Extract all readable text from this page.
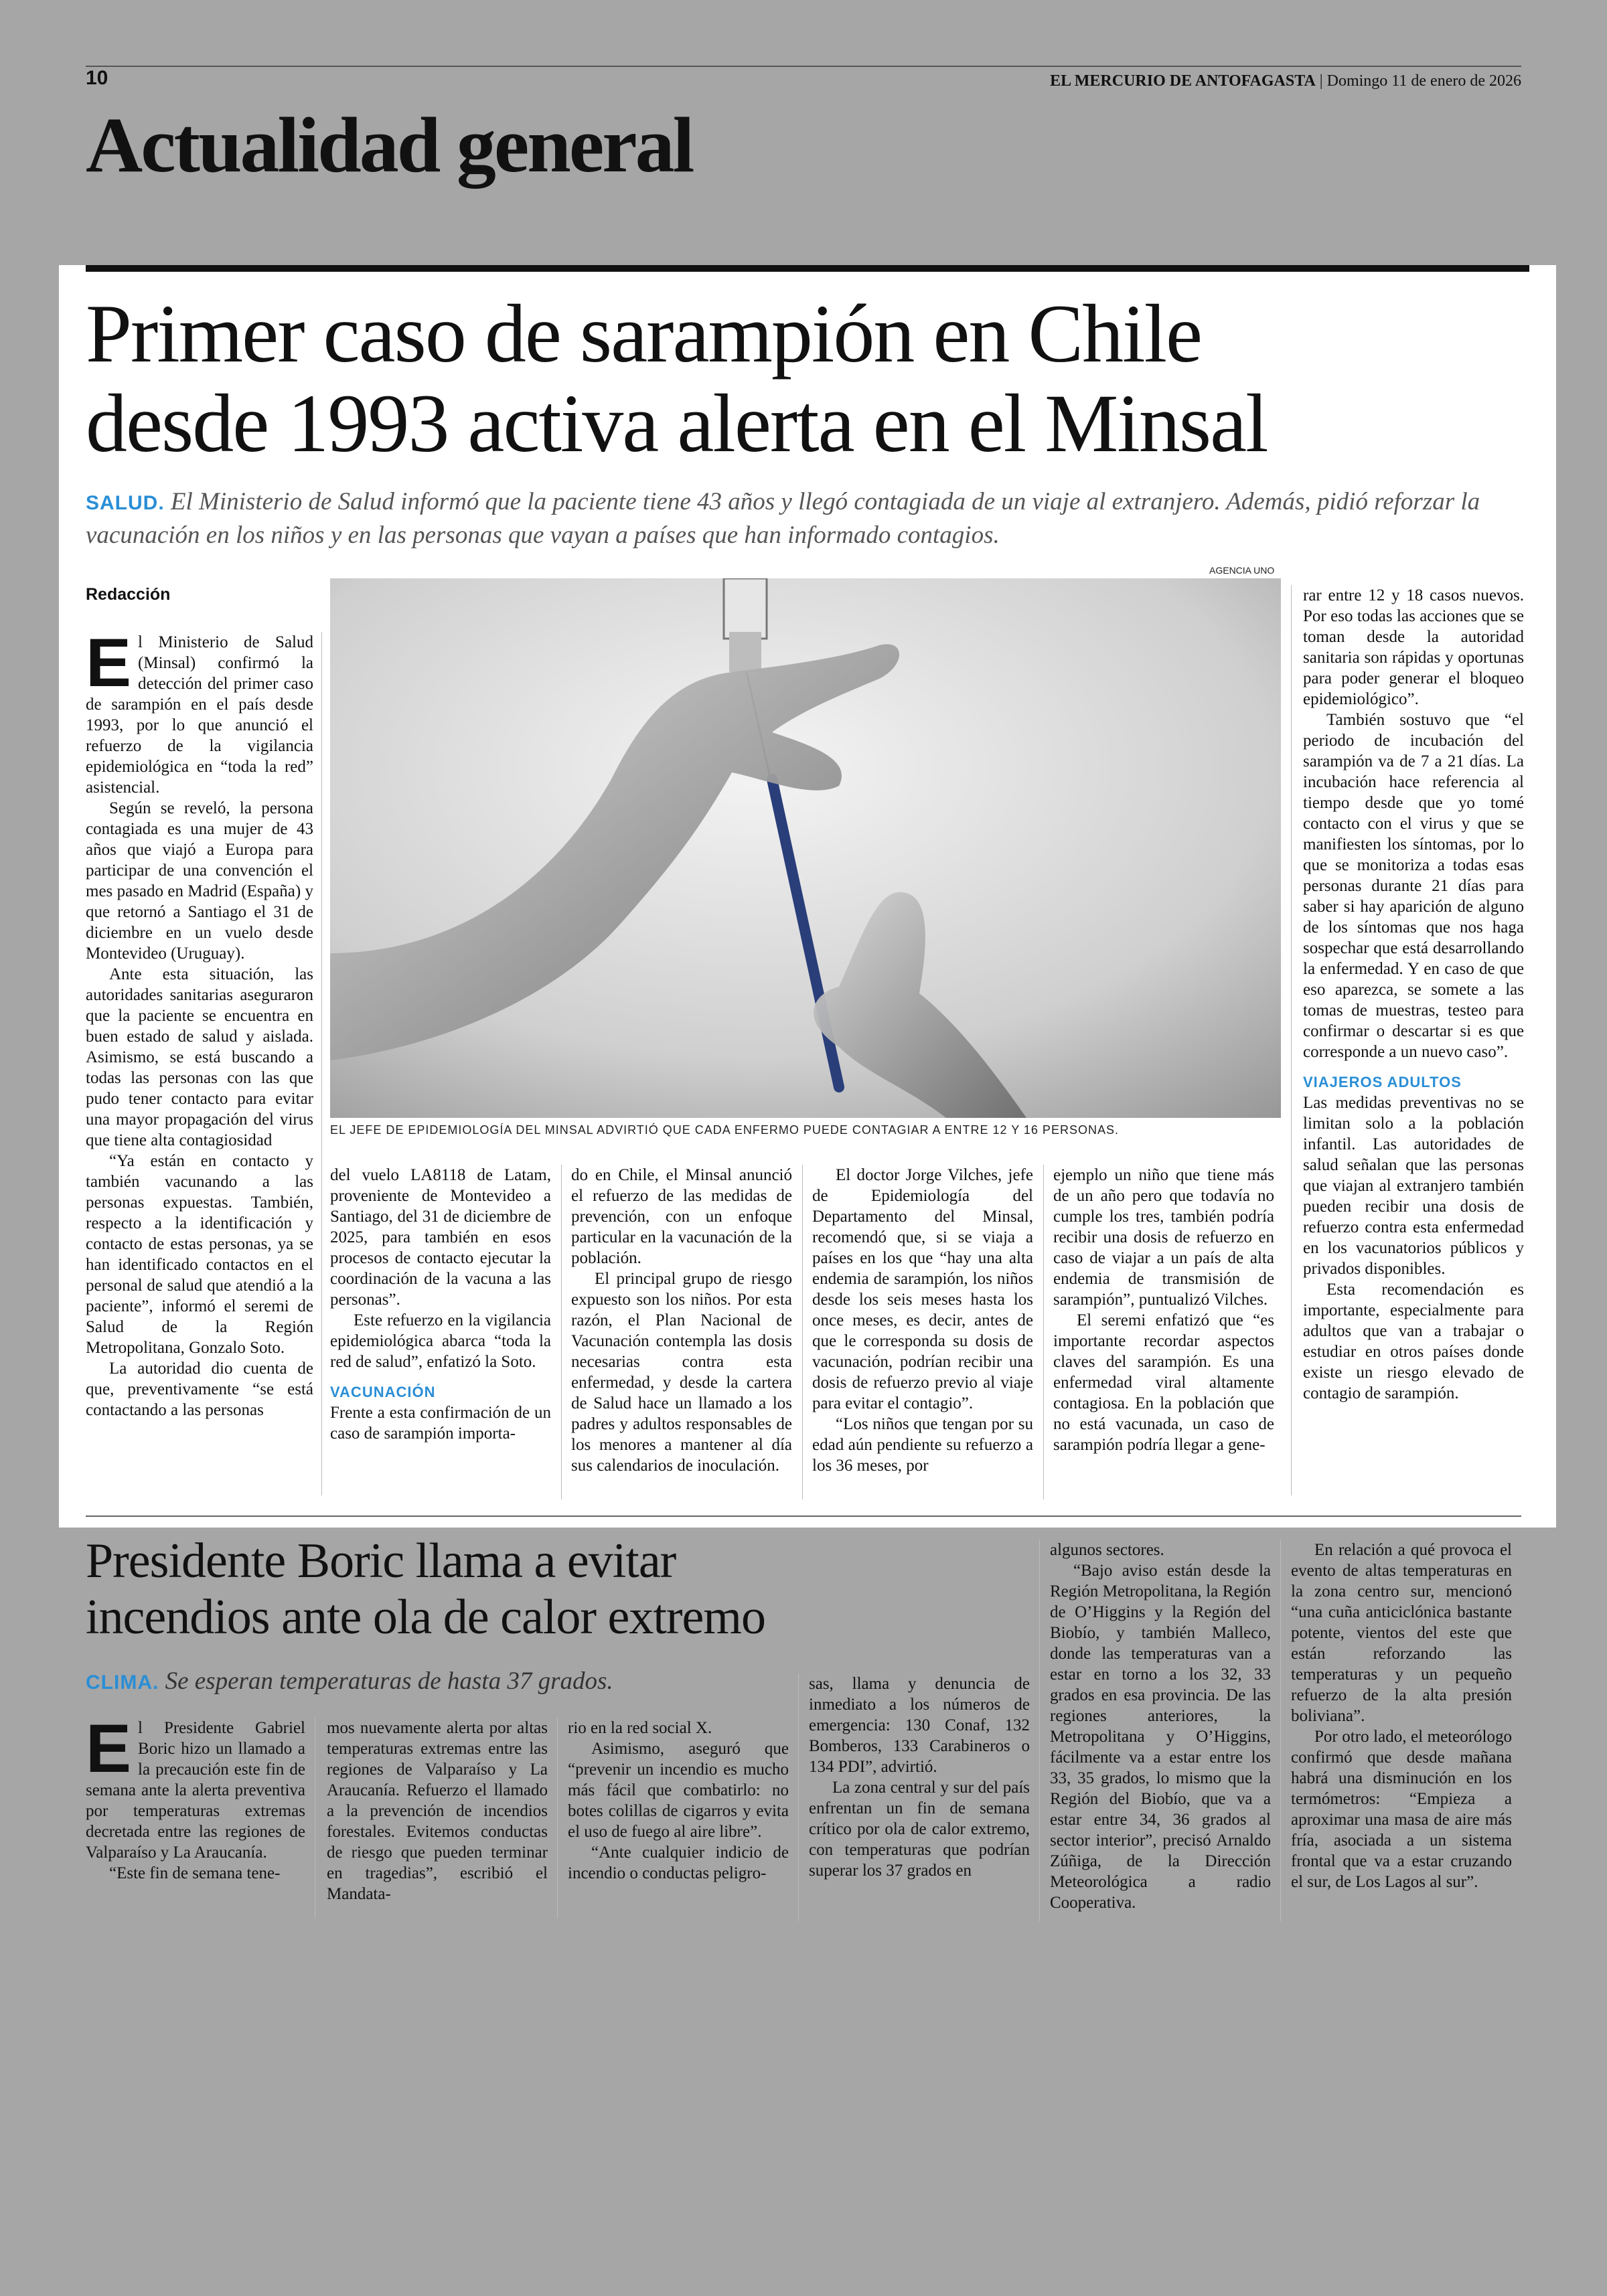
10	EL MERCURIO DE ANTOFAGASTA | Domingo 11 de enero de 2026
Actualidad general
Primer caso de sarampión en Chile
desde 1993 activa alerta en el Minsal
SALUD. El Ministerio de Salud informó que la paciente tiene 43 años y llegó contagiada de un viaje al extranjero. Además, pidió reforzar la vacunación en los niños y en las personas que vayan a países que han informado contagios.
Redacción
AGENCIA UNO
EL JEFE DE EPIDEMIOLOGÍA DEL MINSAL ADVIRTIÓ QUE CADA ENFERMO PUEDE CONTAGIAR A ENTRE 12 Y 16 PERSONAS.

El Ministerio de Salud (Minsal) confirmó la detección del primer caso de sarampión en el país desde 1993, por lo que anunció el refuerzo de la vigilancia epidemiológica en “toda la red” asistencial.

Según se reveló, la persona contagiada es una mujer de 43 años que viajó a Europa para participar de una convención el mes pasado en Madrid (España) y que retornó a Santiago el 31 de diciembre en un vuelo desde Montevideo (Uruguay).

Ante esta situación, las autoridades sanitarias aseguraron que la paciente se encuentra en buen estado de salud y aislada. Asimismo, se está buscando a todas las personas con las que pudo tener contacto para evitar una mayor propagación del virus que tiene alta contagiosidad

“Ya están en contacto y también vacunando a las personas expuestas. También, respecto a la identificación y contacto de estas personas, ya se han identificado contactos en el personal de salud que atendió a la paciente”, informó el seremi de Salud de la Región Metropolitana, Gonzalo Soto.

La autoridad dio cuenta de que, preventivamente “se está contactando a las personas

del vuelo LA8118 de Latam, proveniente de Montevideo a Santiago, del 31 de diciembre de 2025, para también en esos procesos de contacto ejecutar la coordinación de la vacuna a las personas”.

Este refuerzo en la vigilancia epidemiológica abarca “toda la red de salud”, enfatizó la Soto.

VACUNACIÓN

Frente a esta confirmación de un caso de sarampión importa-

do en Chile, el Minsal anunció el refuerzo de las medidas de prevención, con un enfoque particular en la vacunación de la población.

El principal grupo de riesgo expuesto son los niños. Por esta razón, el Plan Nacional de Vacunación contempla las dosis necesarias contra esta enfermedad, y desde la cartera de Salud hace un llamado a los padres y adultos responsables de los menores a mantener al día sus calendarios de inoculación.

El doctor Jorge Vilches, jefe de Epidemiología del Departamento del Minsal, recomendó que, si se viaja a países en los que “hay una alta endemia de sarampión, los niños desde los seis meses hasta los once meses, es decir, antes de que le corresponda su dosis de vacunación, podrían recibir una dosis de refuerzo previo al viaje para evitar el contagio”.

“Los niños que tengan por su edad aún pendiente su refuerzo a los 36 meses, por

ejemplo un niño que tiene más de un año pero que todavía no cumple los tres, también podría recibir una dosis de refuerzo en caso de viajar a un país de alta endemia de transmisión de sarampión”, puntualizó Vilches.

El seremi enfatizó que “es importante recordar aspectos claves del sarampión. Es una enfermedad viral altamente contagiosa. En la población que no está vacunada, un caso de sarampión podría llegar a gene-

rar entre 12 y 18 casos nuevos. Por eso todas las acciones que se toman desde la autoridad sanitaria son rápidas y oportunas para poder generar el bloqueo epidemiológico”.

También sostuvo que “el periodo de incubación del sarampión va de 7 a 21 días. La incubación hace referencia al tiempo desde que yo tomé contacto con el virus y que se manifiesten los síntomas, por lo que se monitoriza a todas esas personas durante 21 días para saber si hay aparición de alguno de los síntomas que nos haga sospechar que está desarrollando la enfermedad. Y en caso de que eso aparezca, se somete a las tomas de muestras, testeo para confirmar o descartar si es que corresponde a un nuevo caso”.

VIAJEROS ADULTOS

Las medidas preventivas no se limitan solo a la población infantil. Las autoridades de salud señalan que las personas que viajan al extranjero también pueden recibir una dosis de refuerzo contra esta enfermedad en los vacunatorios públicos y privados disponibles.

Esta recomendación es importante, especialmente para adultos que van a trabajar o estudiar en otros países donde existe un riesgo elevado de contagio de sarampión.

Presidente Boric llama a evitar
incendios ante ola de calor extremo
CLIMA. Se esperan temperaturas de hasta 37 grados.

El Presidente Gabriel Boric hizo un llamado a la precaución este fin de semana ante la alerta preventiva por temperaturas extremas decretada entre las regiones de Valparaíso y La Araucanía.

“Este fin de semana tene-

mos nuevamente alerta por altas temperaturas extremas entre las regiones de Valparaíso y La Araucanía. Refuerzo el llamado a la prevención de incendios forestales. Evitemos conductas de riesgo que pueden terminar en tragedias”, escribió el Mandata-

rio en la red social X.

Asimismo, aseguró que “prevenir un incendio es mucho más fácil que combatirlo: no botes colillas de cigarros y evita el uso de fuego al aire libre”.

“Ante cualquier indicio de incendio o conductas peligro-

sas, llama y denuncia de inmediato a los números de emergencia: 130 Conaf, 132 Bomberos, 133 Carabineros o 134 PDI”, advirtió.

La zona central y sur del país enfrentan un fin de semana crítico por ola de calor extremo, con temperaturas que podrían superar los 37 grados en

algunos sectores.

“Bajo aviso están desde la Región Metropolitana, la Región de O’Higgins y la Región del Biobío, y también Malleco, donde las temperaturas van a estar en torno a los 32, 33 grados en esa provincia. De las regiones anteriores, la Metropolitana y O’Higgins, fácilmente va a estar entre los 33, 35 grados, lo mismo que la Región del Biobío, que va a estar entre 34, 36 grados al sector interior”, precisó Arnaldo Zúñiga, de la Dirección Meteorológica a radio Cooperativa.

En relación a qué provoca el evento de altas temperaturas en la zona centro sur, mencionó “una cuña anticiclónica bastante potente, vientos del este que están reforzando las temperaturas y un pequeño refuerzo de la alta presión boliviana”.

Por otro lado, el meteorólogo confirmó que desde mañana habrá una disminución en los termómetros: “Empieza a aproximar una masa de aire más fría, asociada a un sistema frontal que va a estar cruzando el sur, de Los Lagos al sur”.
